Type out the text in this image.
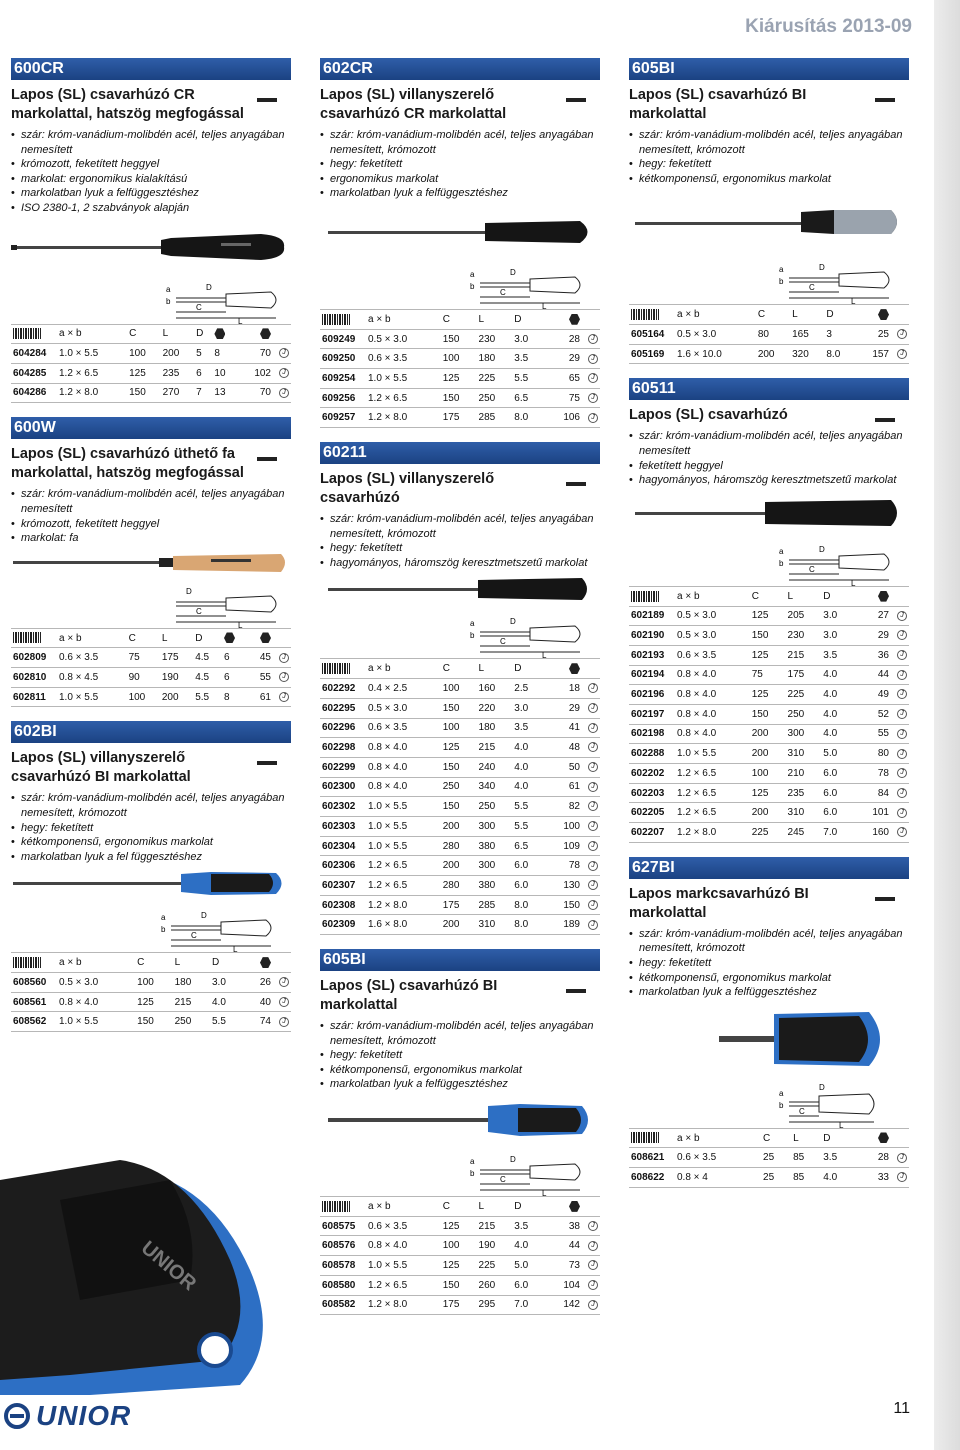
Kiárusítás 2013-09
600CR
Lapos (SL) csavarhúzó CR markolattal, hatszög megfogással
• szár: króm-vanádium-molibdén acél, teljes anyagában nemesített
• krómozott, feketített heggyel
• markolat: ergonomikus kialakítású
• markolatban lyuk a felfüggesztéshez
• ISO 2380-1, 2 szabványok alapján
C
L
D
a
b
	a × b	C	L	D			
604284	1.0 × 5.5	100	200	5	8	70	J
604285	1.2 × 6.5	125	235	6	10	102	J
604286	1.2 × 8.0	150	270	7	13	70	J
600W
Lapos (SL) csavarhúzó üthető fa markolattal, hatszög megfogással
• szár: króm-vanádium-molibdén acél, teljes anyagában nemesített
• krómozott, feketített heggyel
• markolat: fa
C
L
D
	a × b	C	L	D			
602809	0.6 × 3.5	75	175	4.5	6	45	J
602810	0.8 × 4.5	90	190	4.5	6	55	J
602811	1.0 × 5.5	100	200	5.5	8	61	J
602BI
Lapos (SL) villanyszerelő csavarhúzó BI markolattal
• szár: króm-vanádium-molibdén acél, teljes anyagában nemesített, krómozott
• hegy: feketített
• kétkomponensű, ergonomikus markolat
• markolatban lyuk a fel függesztéshez
C
L
D
a
b
	a × b	C	L	D		
608560	0.5 × 3.0	100	180	3.0	26	J
608561	0.8 × 4.0	125	215	4.0	40	J
608562	1.0 × 5.5	150	250	5.5	74	J
602CR
Lapos (SL) villanyszerelő csavarhúzó CR markolattal
• szár: króm-vanádium-molibdén acél, teljes anyagában nemesített, krómozott
• hegy: feketített
• ergonomikus markolat
• markolatban lyuk a felfüggesztéshez
C
L
D
a
b
	a × b	C	L	D		
609249	0.5 × 3.0	150	230	3.0	28	J
609250	0.6 × 3.5	100	180	3.5	29	J
609254	1.0 × 5.5	125	225	5.5	65	J
609256	1.2 × 6.5	150	250	6.5	75	J
609257	1.2 × 8.0	175	285	8.0	106	J
60211
Lapos (SL) villanyszerelő csavarhúzó
• szár: króm-vanádium-molibdén acél, teljes anyagában nemesített, krómozott
• hegy: feketített
• hagyományos, háromszög keresztmetszetű markolat
C
L
D
a
b
	a × b	C	L	D		
602292	0.4 × 2.5	100	160	2.5	18	J
602295	0.5 × 3.0	150	220	3.0	29	J
602296	0.6 × 3.5	100	180	3.5	41	J
602298	0.8 × 4.0	125	215	4.0	48	J
602299	0.8 × 4.0	150	240	4.0	50	J
602300	0.8 × 4.0	250	340	4.0	61	J
602302	1.0 × 5.5	150	250	5.5	82	J
602303	1.0 × 5.5	200	300	5.5	100	J
602304	1.0 × 5.5	280	380	6.5	109	J
602306	1.2 × 6.5	200	300	6.0	78	J
602307	1.2 × 6.5	280	380	6.0	130	J
602308	1.2 × 8.0	175	285	8.0	150	J
602309	1.6 × 8.0	200	310	8.0	189	J
605BI
Lapos (SL) csavarhúzó BI markolattal
• szár: króm-vanádium-molibdén acél, teljes anyagában nemesített, krómozott
• hegy: feketített
• kétkomponensű, ergonomikus markolat
• markolatban lyuk a felfüggesztéshez
C
L
D
a
b
	a × b	C	L	D		
608575	0.6 × 3.5	125	215	3.5	38	J
608576	0.8 × 4.0	100	190	4.0	44	J
608578	1.0 × 5.5	125	225	5.0	73	J
608580	1.2 × 6.5	150	260	6.0	104	J
608582	1.2 × 8.0	175	295	7.0	142	J
605BI
Lapos (SL) csavarhúzó BI markolattal
• szár: króm-vanádium-molibdén acél, teljes anyagában nemesített, krómozott
• hegy: feketített
• kétkomponensű, ergonomikus markolat
C
L
D
a
b
	a × b	C	L	D		
605164	0.5 × 3.0	80	165	3	25	J
605169	1.6 × 10.0	200	320	8.0	157	J
60511
Lapos (SL) csavarhúzó
• szár: króm-vanádium-molibdén acél, teljes anyagában nemesített
• feketített heggyel
• hagyományos, háromszög keresztmetszetű markolat
C
L
D
a
b
	a × b	C	L	D		
602189	0.5 × 3.0	125	205	3.0	27	J
602190	0.5 × 3.0	150	230	3.0	29	J
602193	0.6 × 3.5	125	215	3.5	36	J
602194	0.8 × 4.0	75	175	4.0	44	J
602196	0.8 × 4.0	125	225	4.0	49	J
602197	0.8 × 4.0	150	250	4.0	52	J
602198	0.8 × 4.0	200	300	4.0	55	J
602288	1.0 × 5.5	200	310	5.0	80	J
602202	1.2 × 6.5	100	210	6.0	78	J
602203	1.2 × 6.5	125	235	6.0	84	J
602205	1.2 × 6.5	200	310	6.0	101	J
602207	1.2 × 8.0	225	245	7.0	160	J
627BI
Lapos markcsavarhúzó BI markolattal
• szár: króm-vanádium-molibdén acél, teljes anyagában nemesített, krómozott
• hegy: feketített
• kétkomponensű, ergonomikus markolat
• markolatban lyuk a felfüggesztéshez
C
L
D
a
b
	a × b	C	L	D		
608621	0.6 × 3.5	25	85	3.5	28	J
608622	0.8 × 4	25	85	4.0	33	J
UNIOR
UNIOR	11
